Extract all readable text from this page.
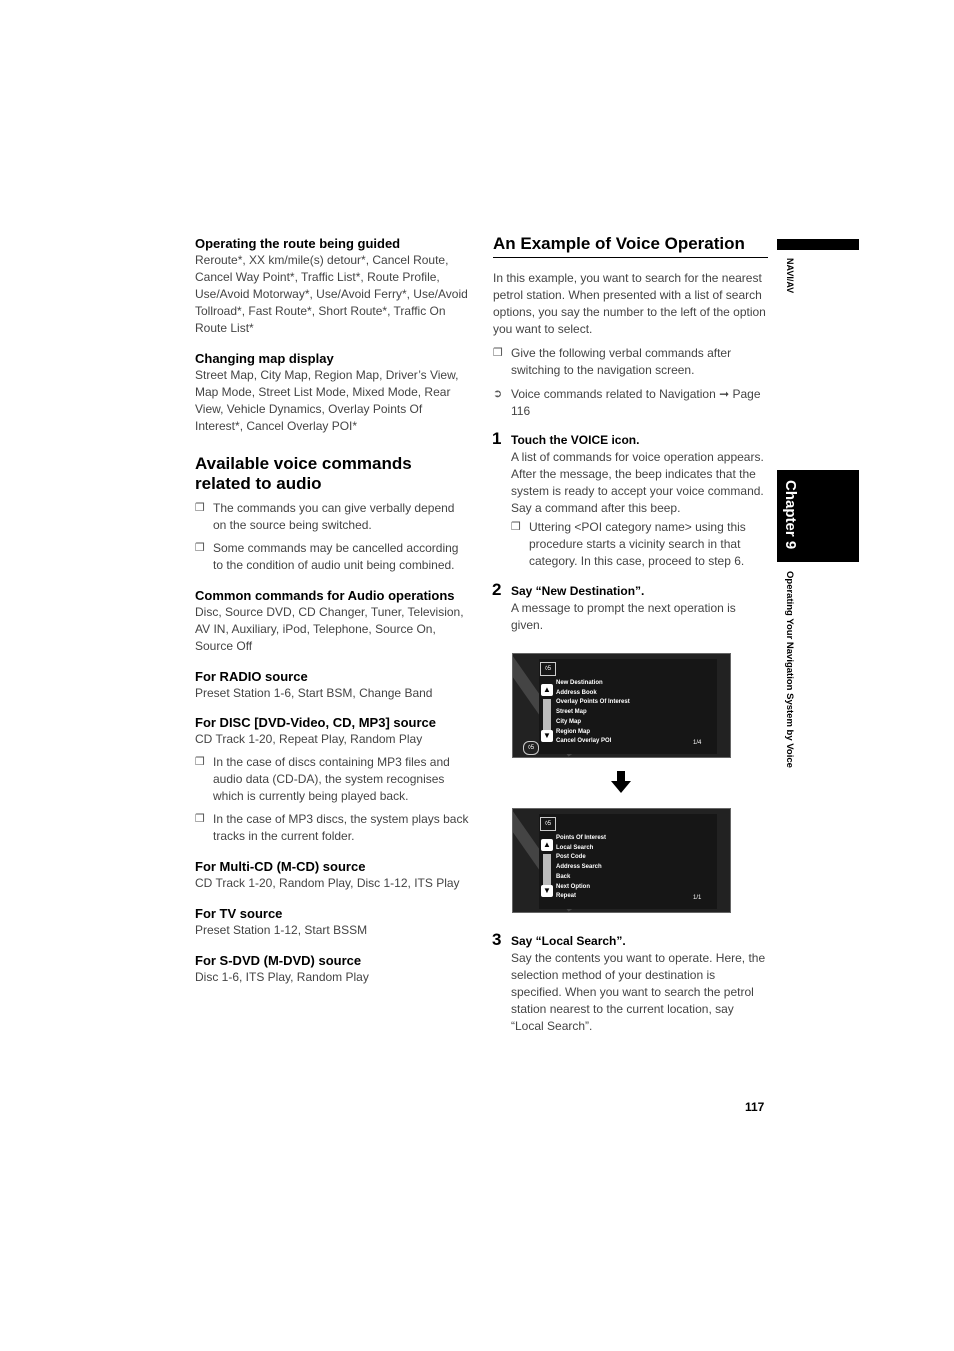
Operating the route being guided
Reroute*, XX km/mile(s) detour*, Cancel Route, Cancel Way Point*, Traffic List*, Route Profile, Use/Avoid Motorway*, Use/Avoid Ferry*, Use/Avoid Tollroad*, Fast Route*, Short Route*, Traffic On Route List*
Changing map display
Street Map, City Map, Region Map, Driver’s View, Map Mode, Street List Mode, Mixed Mode, Rear View, Vehicle Dynamics, Overlay Points Of Interest*, Cancel Overlay POI*
Available voice commands related to audio
❒ The commands you can give verbally depend on the source being switched.
❒ Some commands may be cancelled according to the condition of audio unit being combined.
Common commands for Audio operations
Disc, Source DVD, CD Changer, Tuner, Television, AV IN, Auxiliary, iPod, Telephone, Source On, Source Off
For RADIO source
Preset Station 1-6, Start BSM, Change Band
For DISC [DVD-Video, CD, MP3] source
CD Track 1-20, Repeat Play, Random Play
❒ In the case of discs containing MP3 files and audio data (CD-DA), the system recognises which is currently being played back.
❒ In the case of MP3 discs, the system plays back tracks in the current folder.
For Multi-CD (M-CD) source
CD Track 1-20, Random Play, Disc 1-12, ITS Play
For TV source
Preset Station 1-12, Start BSSM
For S-DVD (M-DVD) source
Disc 1-6, ITS Play, Random Play
An Example of Voice Operation
In this example, you want to search for the nearest petrol station. When presented with a list of search options, you say the number to the left of the option you want to select.
❒ Give the following verbal commands after switching to the navigation screen.
➲ Voice commands related to Navigation ➞ Page 116
1 Touch the VOICE icon.
A list of commands for voice operation appears. After the message, the beep indicates that the system is ready to accept your voice command. Say a command after this beep.
❒ Uttering <POI category name> using this procedure starts a vicinity search in that category. In this case, proceed to step 6.
2 Say “New Destination”.
A message to prompt the next operation is given.
◊5
▲
▼
◊5
New Destination
Address Book
Overlay Points Of Interest
Street Map
City Map
Region Map
Cancel Overlay POI	1/4
◊5
▲
▼
Points Of Interest
Local Search
Post Code
Address Search
Back
Next Option
Repeat	1/1
3 Say “Local Search”.
Say the contents you want to operate. Here, the selection method of your destination is specified. When you want to search the petrol station nearest to the current location, say “Local Search”.
NAVI/AV
Chapter 9
Operating Your Navigation System by Voice
117
